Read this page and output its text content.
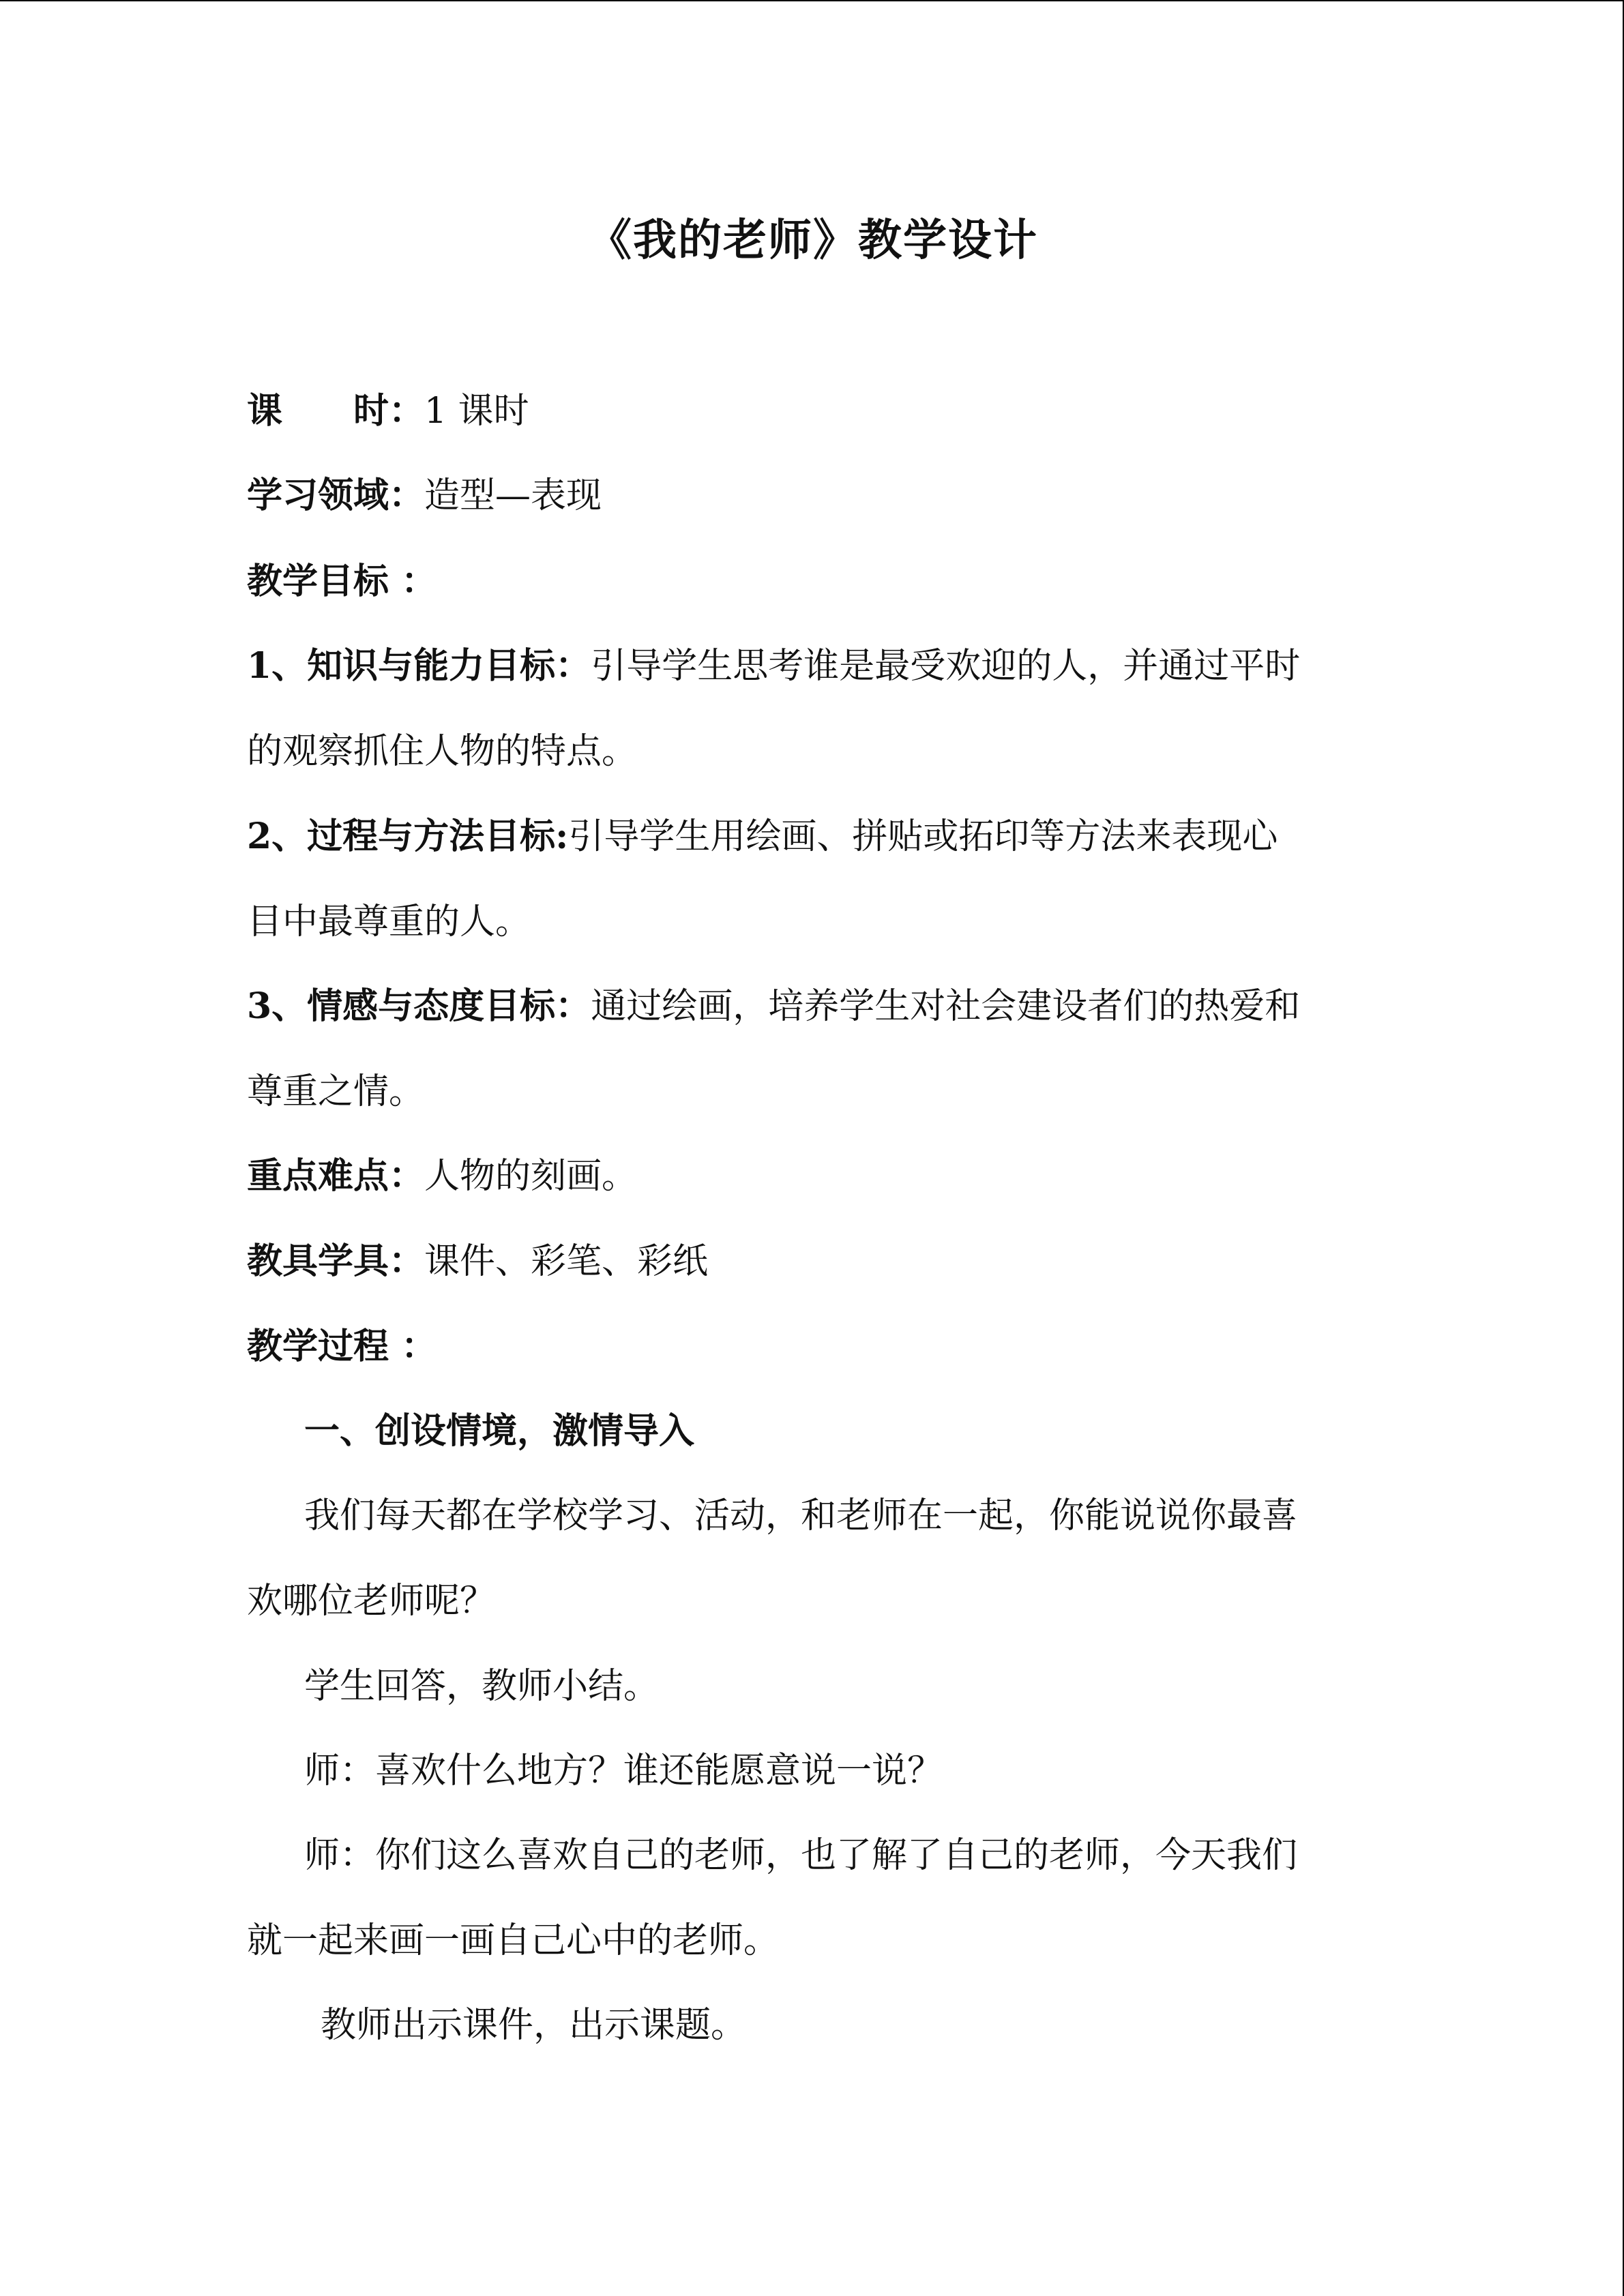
《我的老师》教学设计
课　　时：1 课时
学习领域：造型—表现
教学目标 ：
1、知识与能力目标：引导学生思考谁是最受欢迎的人，并通过平时
的观察抓住人物的特点。
2、过程与方法目标:引导学生用绘画、拼贴或拓印等方法来表现心
目中最尊重的人。
3、情感与态度目标：通过绘画，培养学生对社会建设者们的热爱和
尊重之情。
重点难点：人物的刻画。
教具学具：课件、彩笔、彩纸
教学过程 ：
一、创设情境，激情导入
我们每天都在学校学习、活动，和老师在一起，你能说说你最喜
欢哪位老师呢？
学生回答，教师小结。
师：喜欢什么地方？谁还能愿意说一说？
师：你们这么喜欢自己的老师，也了解了自己的老师，今天我们
就一起来画一画自己心中的老师。
教师出示课件，出示课题。
